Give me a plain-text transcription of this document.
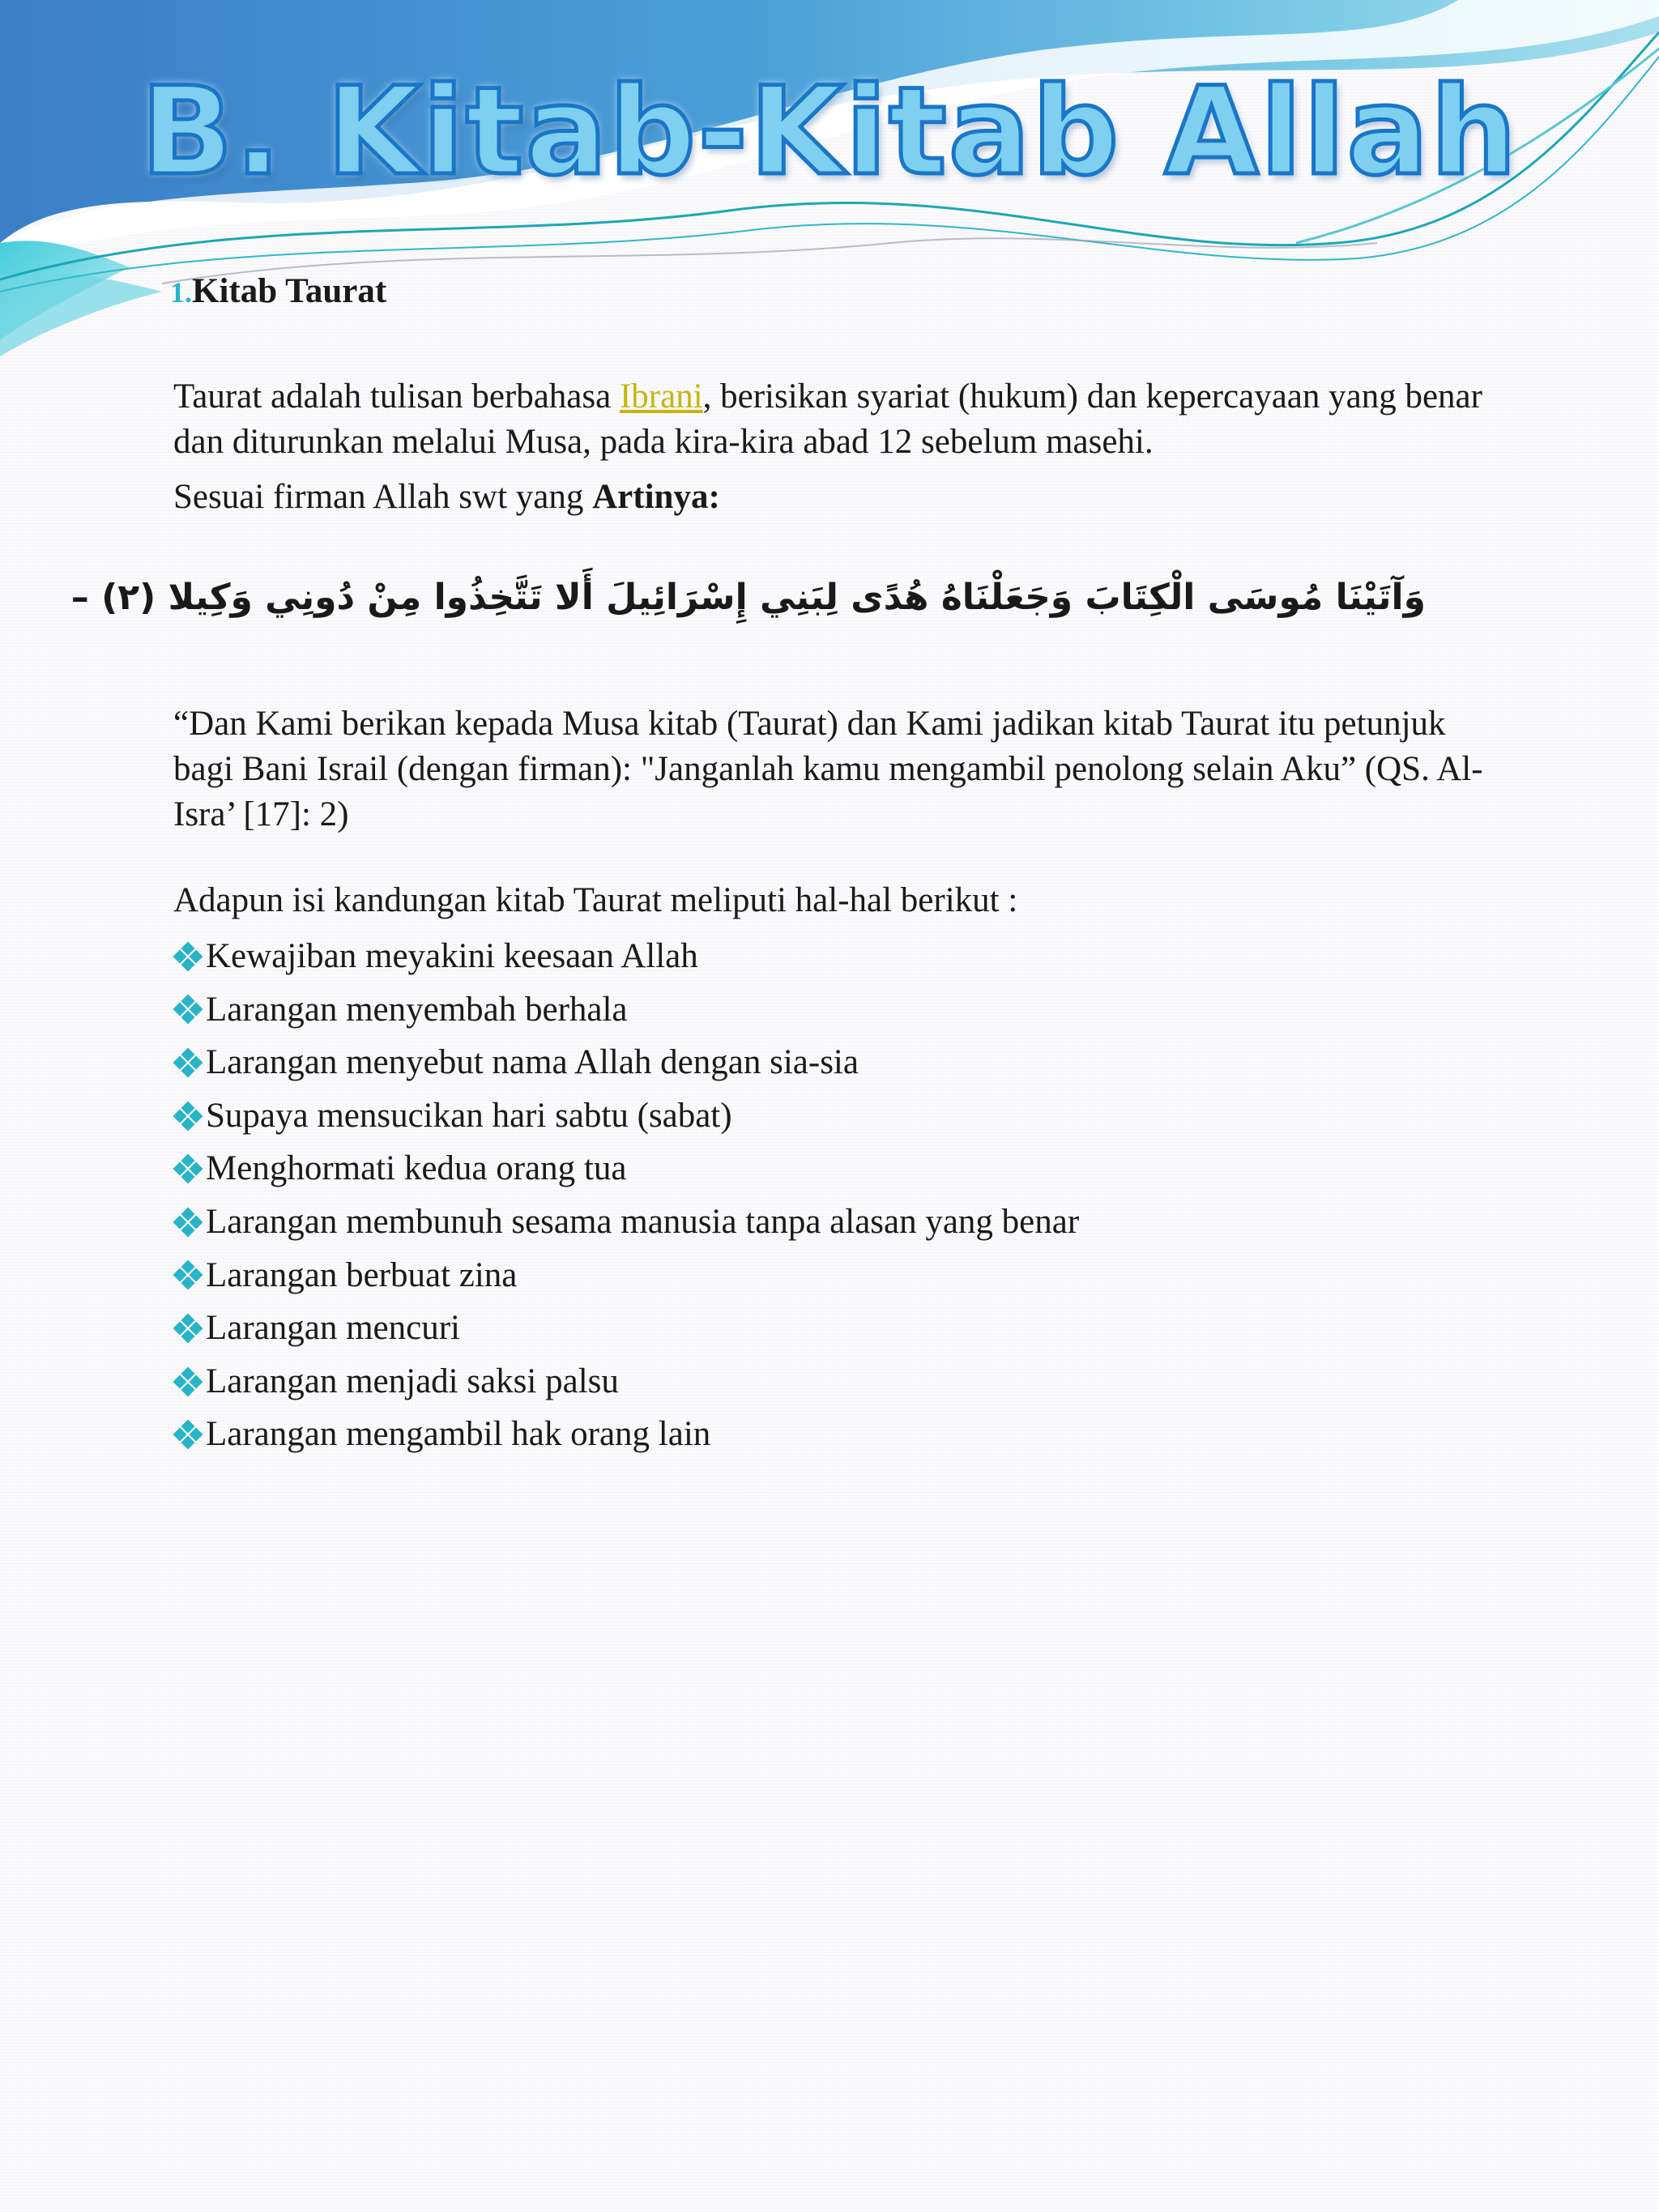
B. Kitab-Kitab Allah
1.Kitab Taurat
Taurat adalah tulisan berbahasa Ibrani, berisikan syariat (hukum) dan kepercayaan yang benar dan diturunkan melalui Musa, pada kira-kira abad 12 sebelum masehi.
Sesuai firman Allah swt yang Artinya:
وَآتَيْنَا مُوسَى الْكِتَابَ وَجَعَلْنَاهُ هُدًى لِبَنِي إِسْرَائِيلَ أَلا تَتَّخِذُوا مِنْ دُونِي وَكِيلا (٢) –
“Dan Kami berikan kepada Musa kitab (Taurat) dan Kami jadikan kitab Taurat itu petunjuk bagi Bani Israil (dengan firman): "Janganlah kamu mengambil penolong selain Aku” (QS. Al-Isra’ [17]: 2)
Adapun isi kandungan kitab Taurat meliputi hal-hal berikut :
Kewajiban meyakini keesaan Allah
Larangan menyembah berhala
Larangan menyebut nama Allah dengan sia-sia
Supaya mensucikan hari sabtu (sabat)
Menghormati kedua orang tua
Larangan membunuh sesama manusia tanpa alasan yang benar
Larangan berbuat zina
Larangan mencuri
Larangan menjadi saksi palsu
Larangan mengambil hak orang lain
